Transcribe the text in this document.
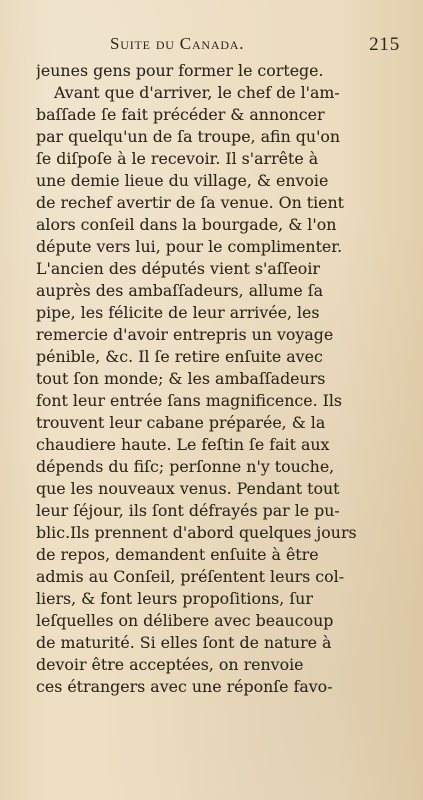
Suite du Canada.	215
jeunes gens pour former le cortege.
Avant que d'arriver, le chef de l'am-
baſſade ſe fait précéder & annoncer
par quelqu'un de ſa troupe, afin qu'on
ſe diſpoſe à le recevoir. Il s'arrête à
une demie lieue du village, & envoie
de rechef avertir de ſa venue. On tient
alors conſeil dans la bourgade, & l'on
députe vers lui, pour le complimenter.
L'ancien des députés vient s'aſſeoir
auprès des ambaſſadeurs, allume ſa
pipe, les félicite de leur arrivée, les
remercie d'avoir entrepris un voyage
pénible, &c. Il ſe retire enſuite avec
tout ſon monde; & les ambaſſadeurs
font leur entrée ſans magnificence. Ils
trouvent leur cabane préparée, & la
chaudiere haute. Le feſtin ſe fait aux
dépends du fiſc; perſonne n'y touche,
que les nouveaux venus. Pendant tout
leur ſéjour, ils ſont défrayés par le pu-
blic.Ils prennent d'abord quelques jours
de repos, demandent enſuite à être
admis au Conſeil, préſentent leurs col-
liers, & font leurs propoſitions, ſur
leſquelles on délibere avec beaucoup
de maturité. Si elles ſont de nature à
devoir être acceptées, on renvoie
ces étrangers avec une réponſe favo-
